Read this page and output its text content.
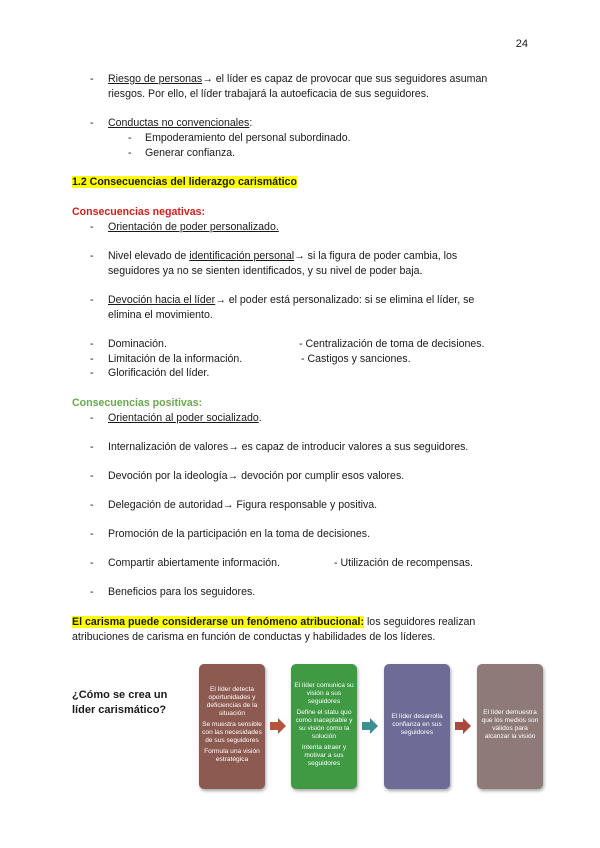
24
- Riesgo de personas→ el líder es capaz de provocar que sus seguidores asuman
riesgos. Por ello, el líder trabajará la autoeficacia de sus seguidores.
- Conductas no convencionales:
- Empoderamiento del personal subordinado.
- Generar confianza.
1.2 Consecuencias del liderazgo carismático
Consecuencias negativas:
- Orientación de poder personalizado.
- Nivel elevado de identificación personal→ si la figura de poder cambia, los
seguidores ya no se sienten identificados, y su nivel de poder baja.
- Devoción hacia el líder→ el poder está personalizado: si se elimina el líder, se
elimina el movimiento.
- Dominación.	- Centralización de toma de decisiones.
- Limitación de la información.	- Castigos y sanciones.
- Glorificación del líder.
Consecuencias positivas:
- Orientación al poder socializado.
- Internalización de valores→ es capaz de introducir valores a sus seguidores.
- Devoción por la ideología→ devoción por cumplir esos valores.
- Delegación de autoridad→ Figura responsable y positiva.
- Promoción de la participación en la toma de decisiones.
- Compartir abiertamente información.	- Utilización de recompensas.
- Beneficios para los seguidores.
El carisma puede considerarse un fenómeno atribucional: los seguidores realizan
atribuciones de carisma en función de conductas y habilidades de los líderes.
¿Cómo se crea un
líder carismático?

El líder detecta oportunidades y deficiencias de la situación

Se muestra sensible con las necesidades de sus seguidores

Formula una visión estratégica

El líder comunica su visión a sus seguidores

Define el statu quo como inaceptable y su visión como la solución

Intenta atraer y motivar a sus seguidores

El líder desarrolla confianza en sus seguidores

El líder demuestra que los medios son válidos para alcanzar la visión
